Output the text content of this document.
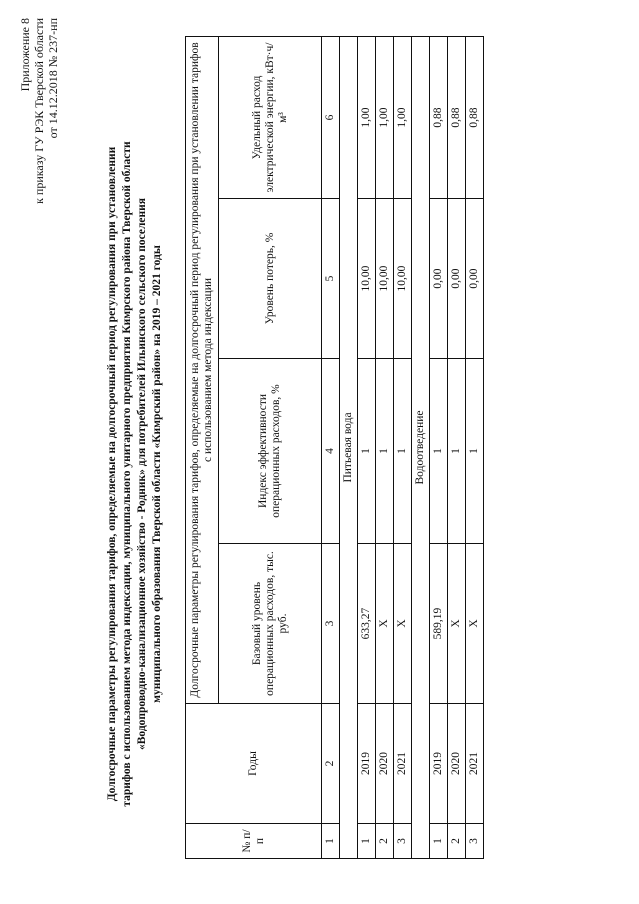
Приложение 8 к приказу ГУ РЭК Тверской области от 14.12.2018 № 237-нп
Долгосрочные параметры регулирования тарифов, определяемые на долгосрочный период регулирования при установлении тарифов с использованием метода индексации, муниципального унитарного предприятия Кимрского района Тверской области «Водопроводно-канализационное хозяйство - Родник» для потребителей Ильинского сельского поселения муниципального образования Тверской области «Кимрский район» на 2019 – 2021 годы
№ п/п	Годы	Долгосрочные параметры регулирования тарифов, определяемые на долгосрочный период регулирования при установлении тарифов с использованием метода индексации			
		Базовый уровень операционных расходов, тыс. руб.	Индекс эффективности операционных расходов, %	Уровень потерь, %	Удельный расход электрической энергии, кВт·ч/м³
1	2	3	4	5	6
Питьевая вода					
1	2019	633,27	1	10,00	1,00
2	2020	X	1	10,00	1,00
3	2021	X	1	10,00	1,00
Водоотведение					
1	2019	589,19	1	0,00	0,88
2	2020	X	1	0,00	0,88
3	2021	X	1	0,00	0,88
